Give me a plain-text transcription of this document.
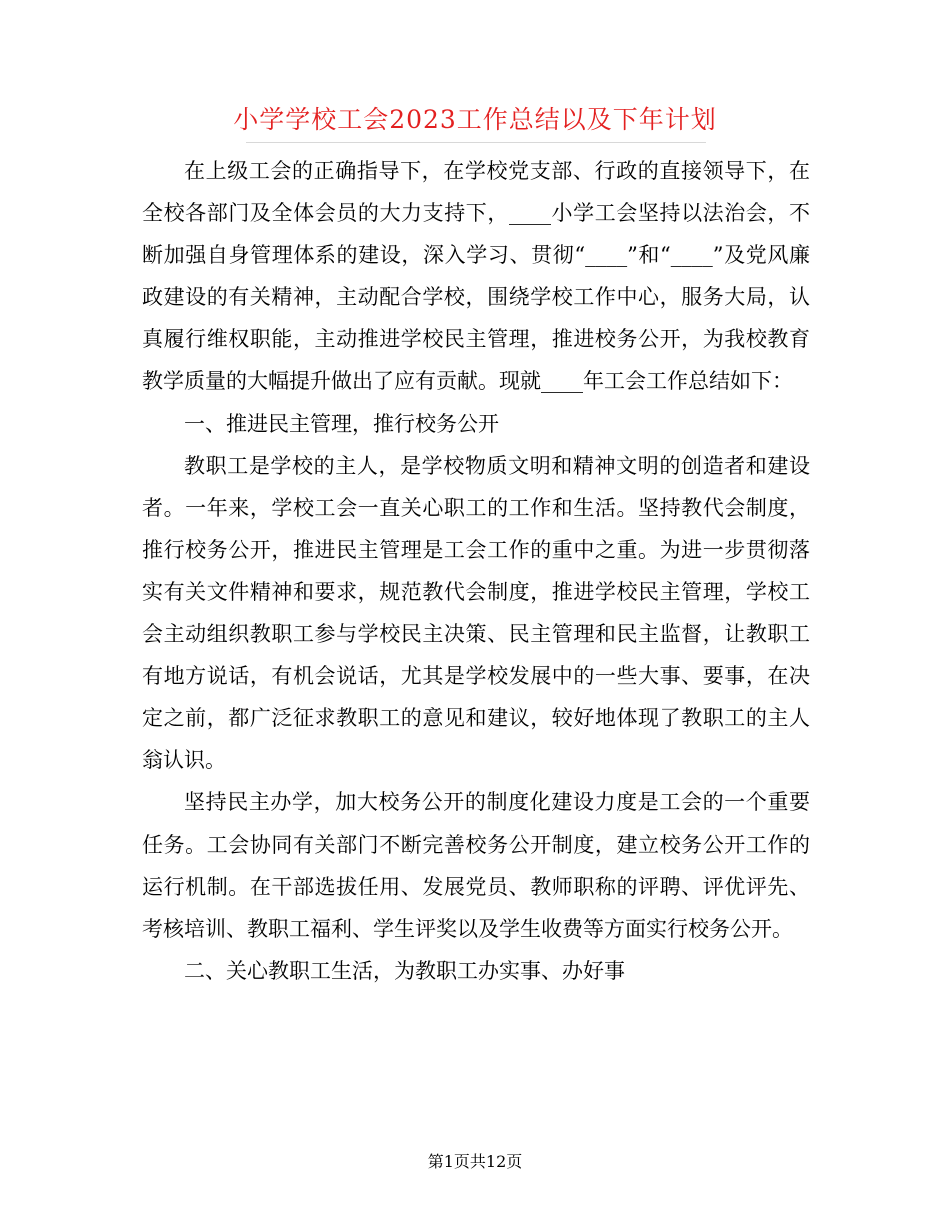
小学学校工会2023工作总结以及下年计划

在上级工会的正确指导下，在学校党支部、行政的直接领导下，在全校各部门及全体会员的大力支持下，____小学工会坚持以法治会，不断加强自身管理体系的建设，深入学习、贯彻“____”和“____”及党风廉政建设的有关精神，主动配合学校，围绕学校工作中心，服务大局，认真履行维权职能，主动推进学校民主管理，推进校务公开，为我校教育教学质量的大幅提升做出了应有贡献。现就____年工会工作总结如下：

一、推进民主管理，推行校务公开

教职工是学校的主人，是学校物质文明和精神文明的创造者和建设者。一年来，学校工会一直关心职工的工作和生活。坚持教代会制度，推行校务公开，推进民主管理是工会工作的重中之重。为进一步贯彻落实有关文件精神和要求，规范教代会制度，推进学校民主管理，学校工会主动组织教职工参与学校民主决策、民主管理和民主监督，让教职工有地方说话，有机会说话，尤其是学校发展中的一些大事、要事，在决定之前，都广泛征求教职工的意见和建议，较好地体现了教职工的主人翁认识。

坚持民主办学，加大校务公开的制度化建设力度是工会的一个重要任务。工会协同有关部门不断完善校务公开制度，建立校务公开工作的运行机制。在干部选拔任用、发展党员、教师职称的评聘、评优评先、考核培训、教职工福利、学生评奖以及学生收费等方面实行校务公开。

二、关心教职工生活，为教职工办实事、办好事

第1页共12页
